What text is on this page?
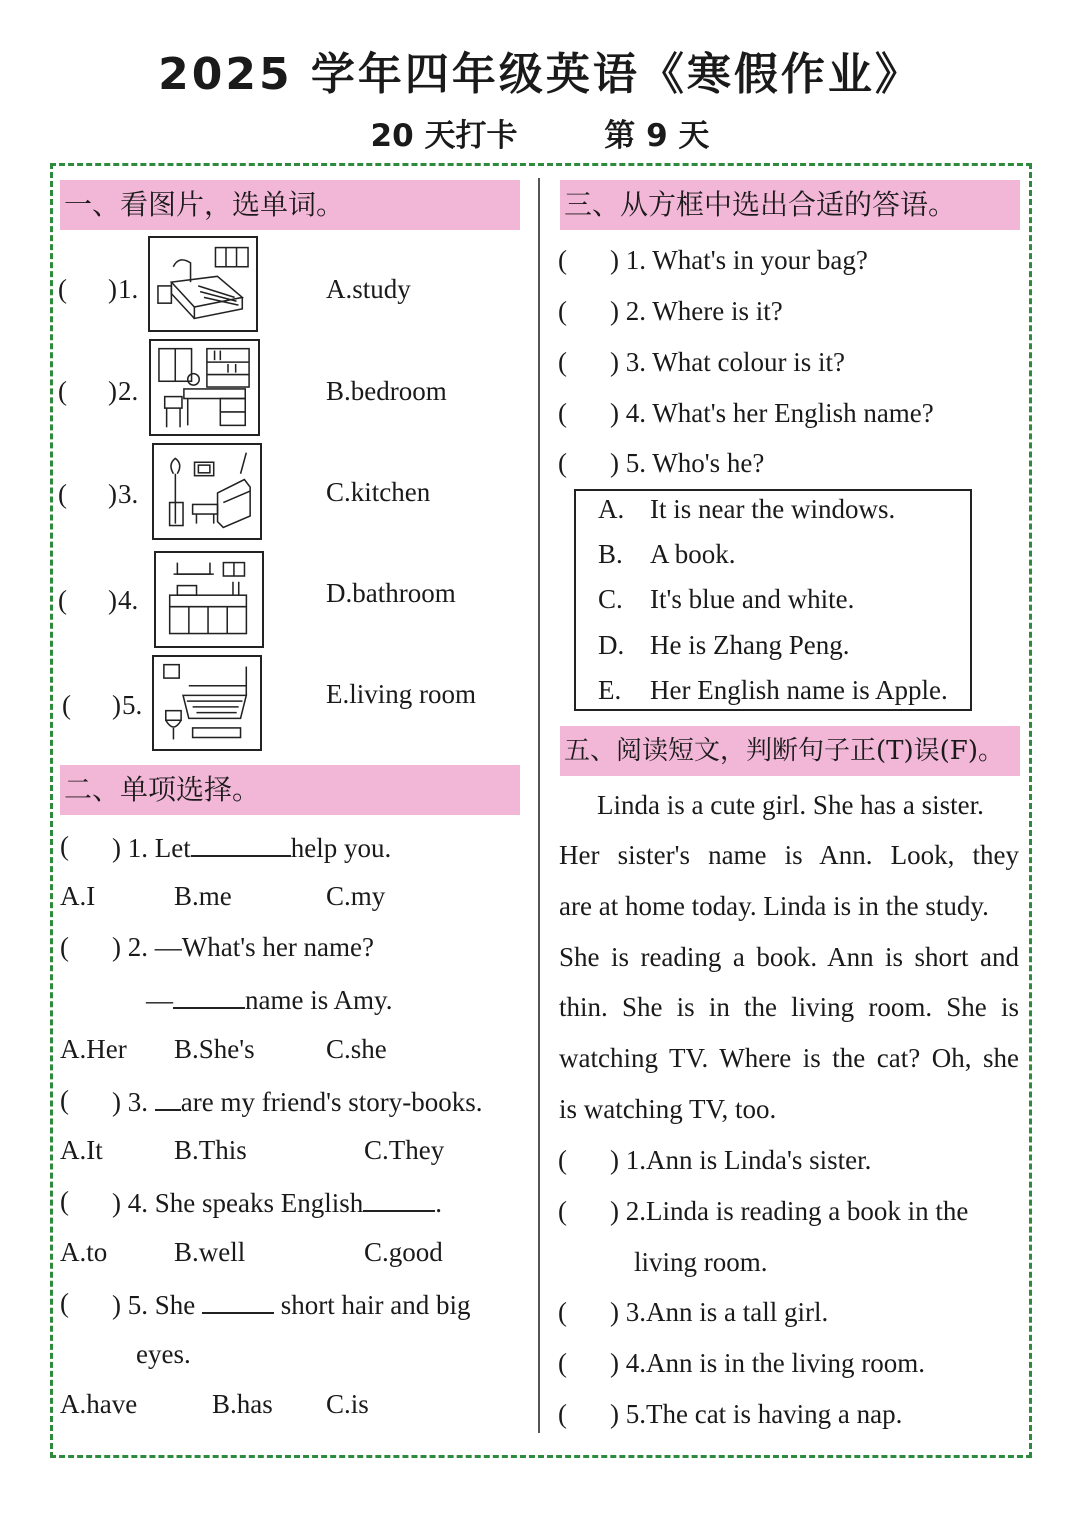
2025 学年四年级英语《寒假作业》
20 天打卡	第 9 天
一、看图片，选单词。
( ) 1.	A.study
( ) 2.	B.bedroom
( ) 3.	C.kitchen
( ) 4.	D.bathroom
( ) 5.	E.living room
二、单项选择。
( ) 1. Let	help you.
A.I	B.me	C.my
( ) 2. —What's her name?
—	name is Amy.
A.Her B.She's	C.she
( ) 3. are my friend's story-books.
A.It	B.This	C.They
( ) 4. She speaks English	.
A.to B.well	C.good
( ) 5. She	short hair and big
eyes.
A.have	B.has C.is
三、从方框中选出合适的答语。
( ) 1. What's in your bag?
( ) 2. Where is it?
( ) 3. What colour is it?
( ) 4. What's her English name?
( ) 5. Who's he?
A. It is near the windows.
B. A book.
C. It's blue and white.
D. He is Zhang Peng.
E. Her English name is Apple.
五、阅读短文，判断句子正(T)误(F)。
Linda is a cute girl. She has a sister.
Her sister's name is Ann. Look, they
are at home today. Linda is in the study.
She is reading a book. Ann is short and
thin. She is in the living room. She is
watching TV. Where is the cat? Oh, she
is watching TV, too.
( ) 1.Ann is Linda's sister.
( ) 2.Linda is reading a book in the
living room.
( ) 3.Ann is a tall girl.
( ) 4.Ann is in the living room.
( ) 5.The cat is having a nap.
